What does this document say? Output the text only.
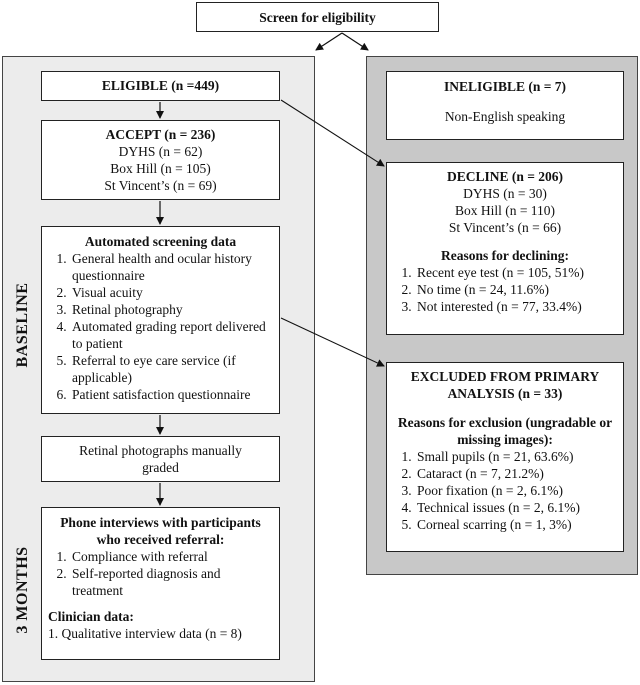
BASELINE
3 MONTHS
Screen for eligibility
ELIGIBLE (n =449)
ACCEPT (n = 236)
DYHS (n = 62)
Box Hill (n = 105)
St Vincent’s (n = 69)
Automated screening data
1. General health and ocular history questionnaire
2. Visual acuity
3. Retinal photography
4. Automated grading report delivered to patient
5. Referral to eye care service (if applicable)
6. Patient satisfaction questionnaire
Retinal photographs manually graded
Phone interviews with participants who received referral:
1. Compliance with referral
2. Self-reported diagnosis and treatment
Clinician data:
1. Qualitative interview data (n = 8)
INELIGIBLE (n = 7)
Non-English speaking
DECLINE (n = 206)
DYHS (n = 30)
Box Hill (n = 110)
St Vincent’s (n = 66)
Reasons for declining:
1. Recent eye test (n = 105, 51%)
2. No time (n = 24, 11.6%)
3. Not interested (n = 77, 33.4%)
EXCLUDED FROM PRIMARY ANALYSIS (n = 33)
Reasons for exclusion (ungradable or missing images):
1. Small pupils (n = 21, 63.6%)
2. Cataract (n = 7, 21.2%)
3. Poor fixation (n = 2, 6.1%)
4. Technical issues (n = 2, 6.1%)
5. Corneal scarring (n = 1, 3%)
